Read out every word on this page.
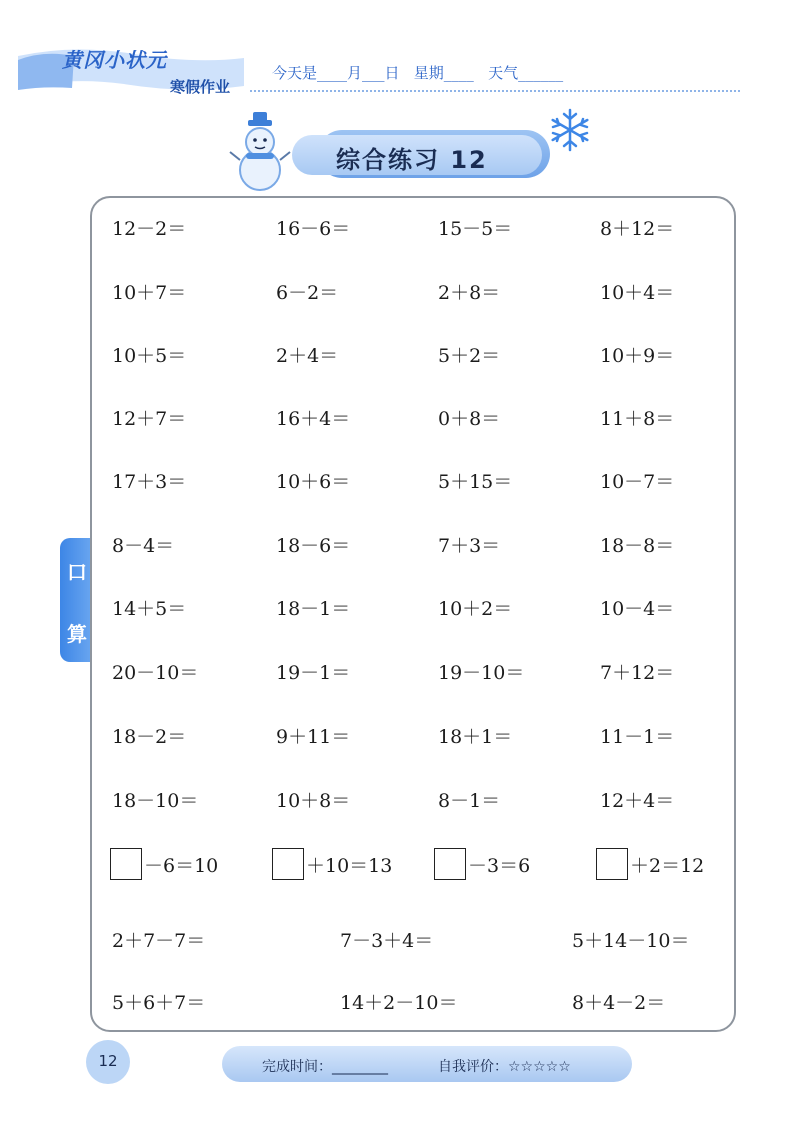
黄冈小状元
寒假作业
今天是____月___日   星期____   天气______
综合练习 12
口
算
12－2＝	16－6＝	15－5＝	8＋12＝
10＋7＝	6－2＝	2＋8＝	10＋4＝
10＋5＝	2＋4＝	5＋2＝	10＋9＝
12＋7＝	16＋4＝	0＋8＝	11＋8＝
17＋3＝	10＋6＝	5＋15＝	10－7＝
8－4＝	18－6＝	7＋3＝	18－8＝
14＋5＝	18－1＝	10＋2＝	10－4＝
20－10＝	19－1＝	19－10＝	7＋12＝
18－2＝	9＋11＝	18＋1＝	11－1＝
18－10＝	10＋8＝	8－1＝	12＋4＝
－6＝10	＋10＝13	－3＝6	＋2＝12
2＋7－7＝	7－3＋4＝	5＋14－10＝
5＋6＋7＝	14＋2－10＝	8＋4－2＝
12	完成时间：________	自我评价：☆☆☆☆☆
